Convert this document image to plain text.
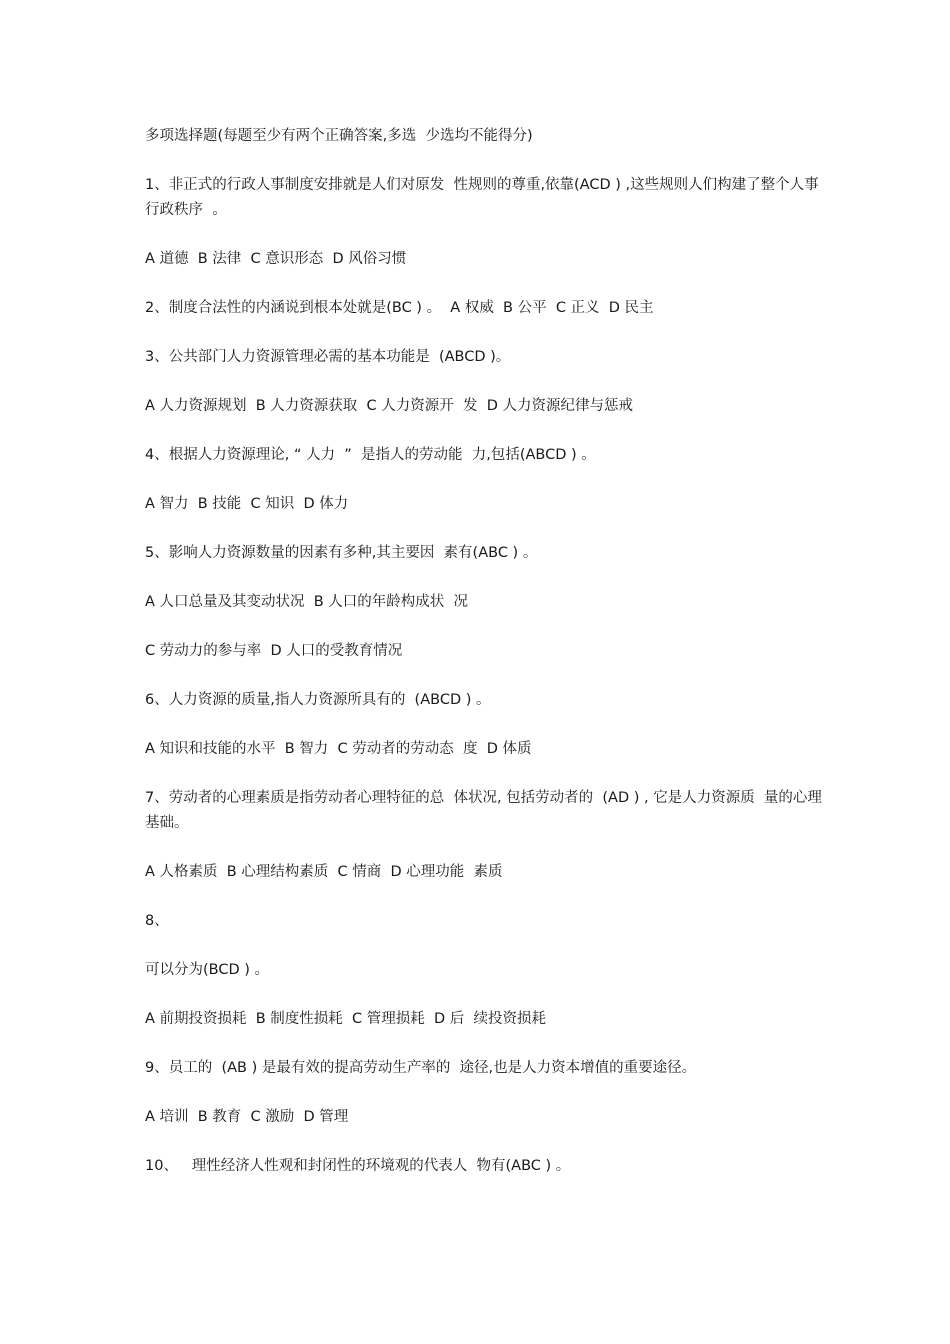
多项选择题(每题至少有两个正确答案,多选  少选均不能得分)

1、非正式的行政人事制度安排就是人们对原发  性规则的尊重,依靠(ACD ) ,这些规则人们构建了整个人事行政秩序  。

A 道德  B 法律  C 意识形态  D 风俗习惯

2、制度合法性的内涵说到根本处就是(BC ) 。  A 权威  B 公平  C 正义  D 民主

3、公共部门人力资源管理必需的基本功能是  (ABCD )。

A 人力资源规划  B 人力资源获取  C 人力资源开  发  D 人力资源纪律与惩戒

4、根据人力资源理论, “ 人力  ”  是指人的劳动能  力,包括(ABCD ) 。

A 智力  B 技能  C 知识  D 体力

5、影响人力资源数量的因素有多种,其主要因  素有(ABC ) 。

A 人口总量及其变动状况  B 人口的年龄构成状  况

C 劳动力的参与率  D 人口的受教育情况

6、人力资源的质量,指人力资源所具有的  (ABCD ) 。

A 知识和技能的水平  B 智力  C 劳动者的劳动态  度  D 体质

7、劳动者的心理素质是指劳动者心理特征的总  体状况, 包括劳动者的  (AD ) , 它是人力资源质  量的心理基础。

A 人格素质  B 心理结构素质  C 情商  D 心理功能  素质

8、

可以分为(BCD ) 。

A 前期投资损耗  B 制度性损耗  C 管理损耗  D 后  续投资损耗

9、员工的  (AB ) 是最有效的提高劳动生产率的  途径,也是人力资本增值的重要途径。

A 培训  B 教育  C 激励  D 管理

10、   理性经济人性观和封闭性的环境观的代表人  物有(ABC ) 。
